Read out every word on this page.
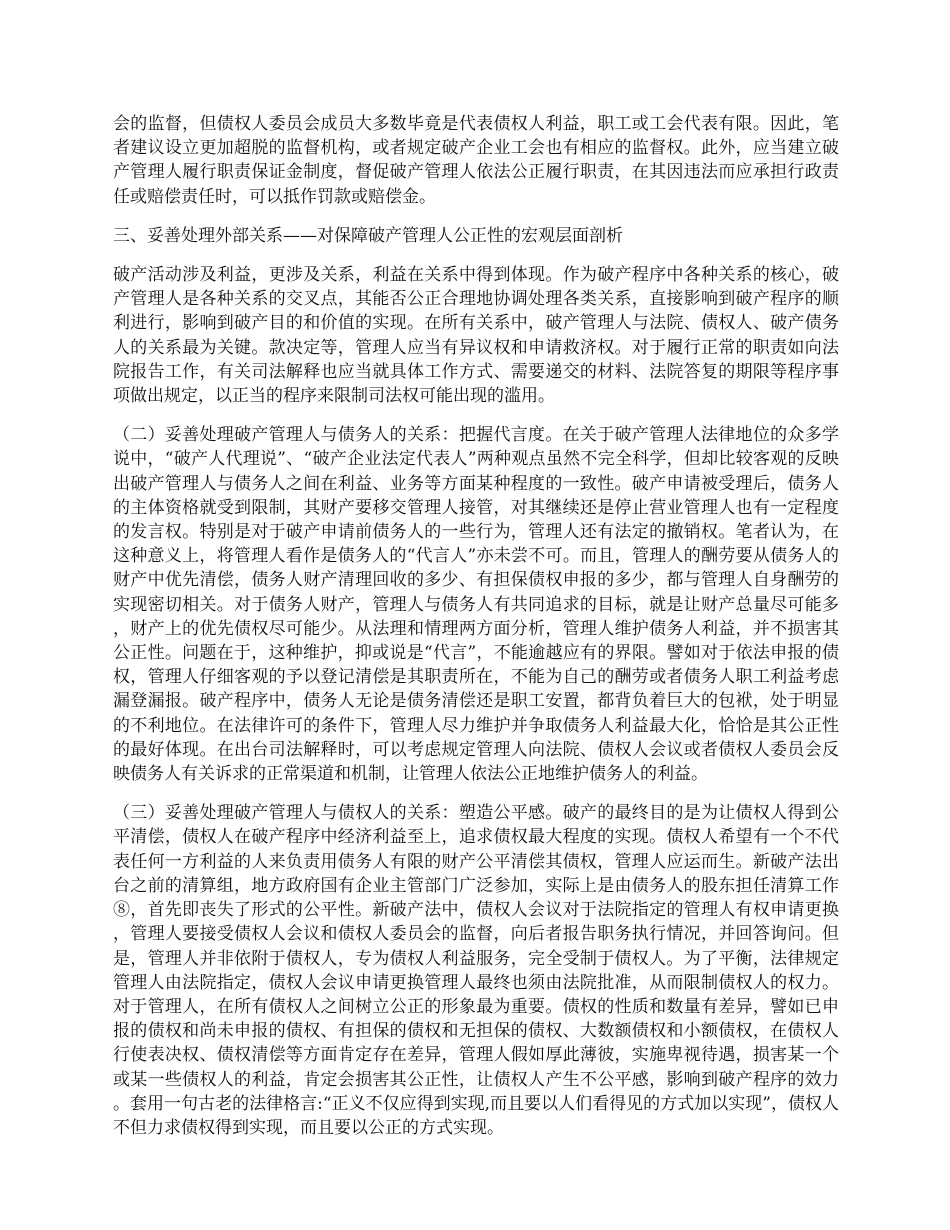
会的监督，但债权人委员会成员大多数毕竟是代表债权人利益，职工或工会代表有限。因此，笔者建议设立更加超脱的监督机构，或者规定破产企业工会也有相应的监督权。此外，应当建立破产管理人履行职责保证金制度，督促破产管理人依法公正履行职责，在其因违法而应承担行政责任或赔偿责任时，可以抵作罚款或赔偿金。

三、妥善处理外部关系——对保障破产管理人公正性的宏观层面剖析

破产活动涉及利益，更涉及关系，利益在关系中得到体现。作为破产程序中各种关系的核心，破产管理人是各种关系的交叉点，其能否公正合理地协调处理各类关系，直接影响到破产程序的顺利进行，影响到破产目的和价值的实现。在所有关系中，破产管理人与法院、债权人、破产债务人的关系最为关键。款决定等，管理人应当有异议权和申请救济权。对于履行正常的职责如向法院报告工作，有关司法解释也应当就具体工作方式、需要递交的材料、法院答复的期限等程序事项做出规定，以正当的程序来限制司法权可能出现的滥用。

（二）妥善处理破产管理人与债务人的关系：把握代言度。在关于破产管理人法律地位的众多学说中，“破产人代理说”、“破产企业法定代表人”两种观点虽然不完全科学，但却比较客观的反映出破产管理人与债务人之间在利益、业务等方面某种程度的一致性。破产申请被受理后，债务人的主体资格就受到限制，其财产要移交管理人接管，对其继续还是停止营业管理人也有一定程度的发言权。特别是对于破产申请前债务人的一些行为，管理人还有法定的撤销权。笔者认为，在这种意义上，将管理人看作是债务人的“代言人”亦未尝不可。而且，管理人的酬劳要从债务人的财产中优先清偿，债务人财产清理回收的多少、有担保债权申报的多少，都与管理人自身酬劳的实现密切相关。对于债务人财产，管理人与债务人有共同追求的目标，就是让财产总量尽可能多，财产上的优先债权尽可能少。从法理和情理两方面分析，管理人维护债务人利益，并不损害其公正性。问题在于，这种维护，抑或说是“代言”，不能逾越应有的界限。譬如对于依法申报的债权，管理人仔细客观的予以登记清偿是其职责所在，不能为自己的酬劳或者债务人职工利益考虑漏登漏报。破产程序中，债务人无论是债务清偿还是职工安置，都背负着巨大的包袱，处于明显的不利地位。在法律许可的条件下，管理人尽力维护并争取债务人利益最大化，恰恰是其公正性的最好体现。在出台司法解释时，可以考虑规定管理人向法院、债权人会议或者债权人委员会反映债务人有关诉求的正常渠道和机制，让管理人依法公正地维护债务人的利益。

（三）妥善处理破产管理人与债权人的关系：塑造公平感。破产的最终目的是为让债权人得到公平清偿，债权人在破产程序中经济利益至上，追求债权最大程度的实现。债权人希望有一个不代表任何一方利益的人来负责用债务人有限的财产公平清偿其债权，管理人应运而生。新破产法出台之前的清算组，地方政府国有企业主管部门广泛参加，实际上是由债务人的股东担任清算工作⑧，首先即丧失了形式的公平性。新破产法中，债权人会议对于法院指定的管理人有权申请更换，管理人要接受债权人会议和债权人委员会的监督，向后者报告职务执行情况，并回答询问。但是，管理人并非依附于债权人，专为债权人利益服务，完全受制于债权人。为了平衡，法律规定管理人由法院指定，债权人会议申请更换管理人最终也须由法院批准，从而限制债权人的权力。对于管理人，在所有债权人之间树立公正的形象最为重要。债权的性质和数量有差异，譬如已申报的债权和尚未申报的债权、有担保的债权和无担保的债权、大数额债权和小额债权，在债权人行使表决权、债权清偿等方面肯定存在差异，管理人假如厚此薄彼，实施卑视待遇，损害某一个或某一些债权人的利益，肯定会损害其公正性，让债权人产生不公平感，影响到破产程序的效力。套用一句古老的法律格言:“正义不仅应得到实现,而且要以人们看得见的方式加以实现”，债权人不但力求债权得到实现，而且要以公正的方式实现。
